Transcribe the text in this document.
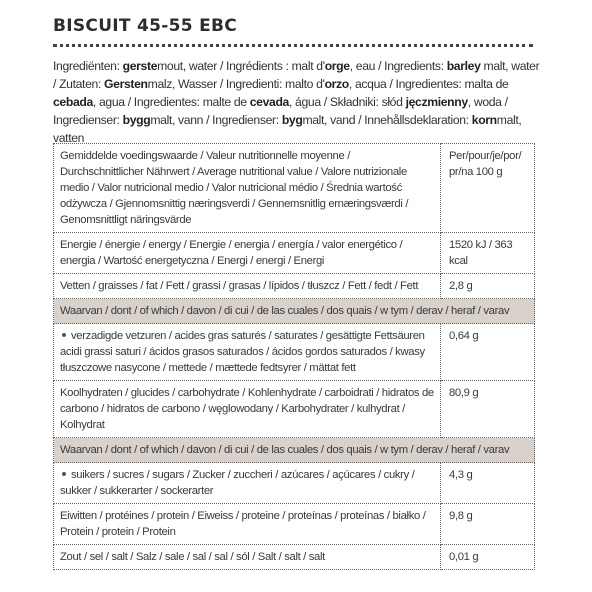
BISCUIT 45-55 EBC
Ingrediënten: gerstemout, water / Ingrédients : malt d'orge, eau / Ingredients: barley malt, water / Zutaten: Gerstenmalz, Wasser / Ingredienti: malto d'orzo, acqua / Ingredientes: malta de cebada, agua / Ingredientes: malte de cevada, água / Składniki: słód jęczmienny, woda / Ingredienser: byggmalt, vann / Ingredienser: bygmalt, vand / Innehållsdeklaration: kornmalt, vatten
Gemiddelde voedingswaarde / Valeur nutritionnelle moyenne / Durchschnittlicher Nährwert / Average nutritional value / Valore nutrizionale medio / Valor nutricional medio / Valor nutricional médio / Średnia wartość odżywcza / Gjennomsnittig næringsverdi / Gennemsnitlig ernæringsværdi / Genomsnittligt näringsvärde	Per/pour/je/por/ pr/na 100 g
Energie / énergie / energy / Energie / energia / energía / valor energético / energia / Wartość energetyczna / Energi / energi / Energi	1520 kJ / 363 kcal
Vetten / graisses / fat / Fett / grassi / grasas / lípidos / tłuszcz / Fett / fedt / Fett	2,8 g
Waarvan / dont / of which / davon / di cui / de las cuales / dos quais / w tym / derav / heraf / varav	
verzadigde vetzuren / acides gras saturés / saturates / gesättigte Fettsäuren acidi grassi saturi / ácidos grasos saturados / ácidos gordos saturados / kwasy tłuszczowe nasycone / mettede / mættede fedtsyrer / mättat fett	0,64 g
Koolhydraten / glucides / carbohydrate / Kohlenhydrate / carboidrati / hidratos de carbono / hidratos de carbono / węglowodany / Karbohydrater / kulhydrat / Kolhydrat	80,9 g
Waarvan / dont / of which / davon / di cui / de las cuales / dos quais / w tym / derav / heraf / varav	
suikers / sucres / sugars / Zucker / zuccheri / azúcares / açúcares / cukry / sukker / sukkerarter / sockerarter	4,3 g
Eiwitten / protéines / protein / Eiweiss / proteine / proteínas / proteínas / białko / Protein / protein / Protein	9,8 g
Zout / sel / salt / Salz / sale / sal / sal / sól / Salt / salt / salt	0,01 g
